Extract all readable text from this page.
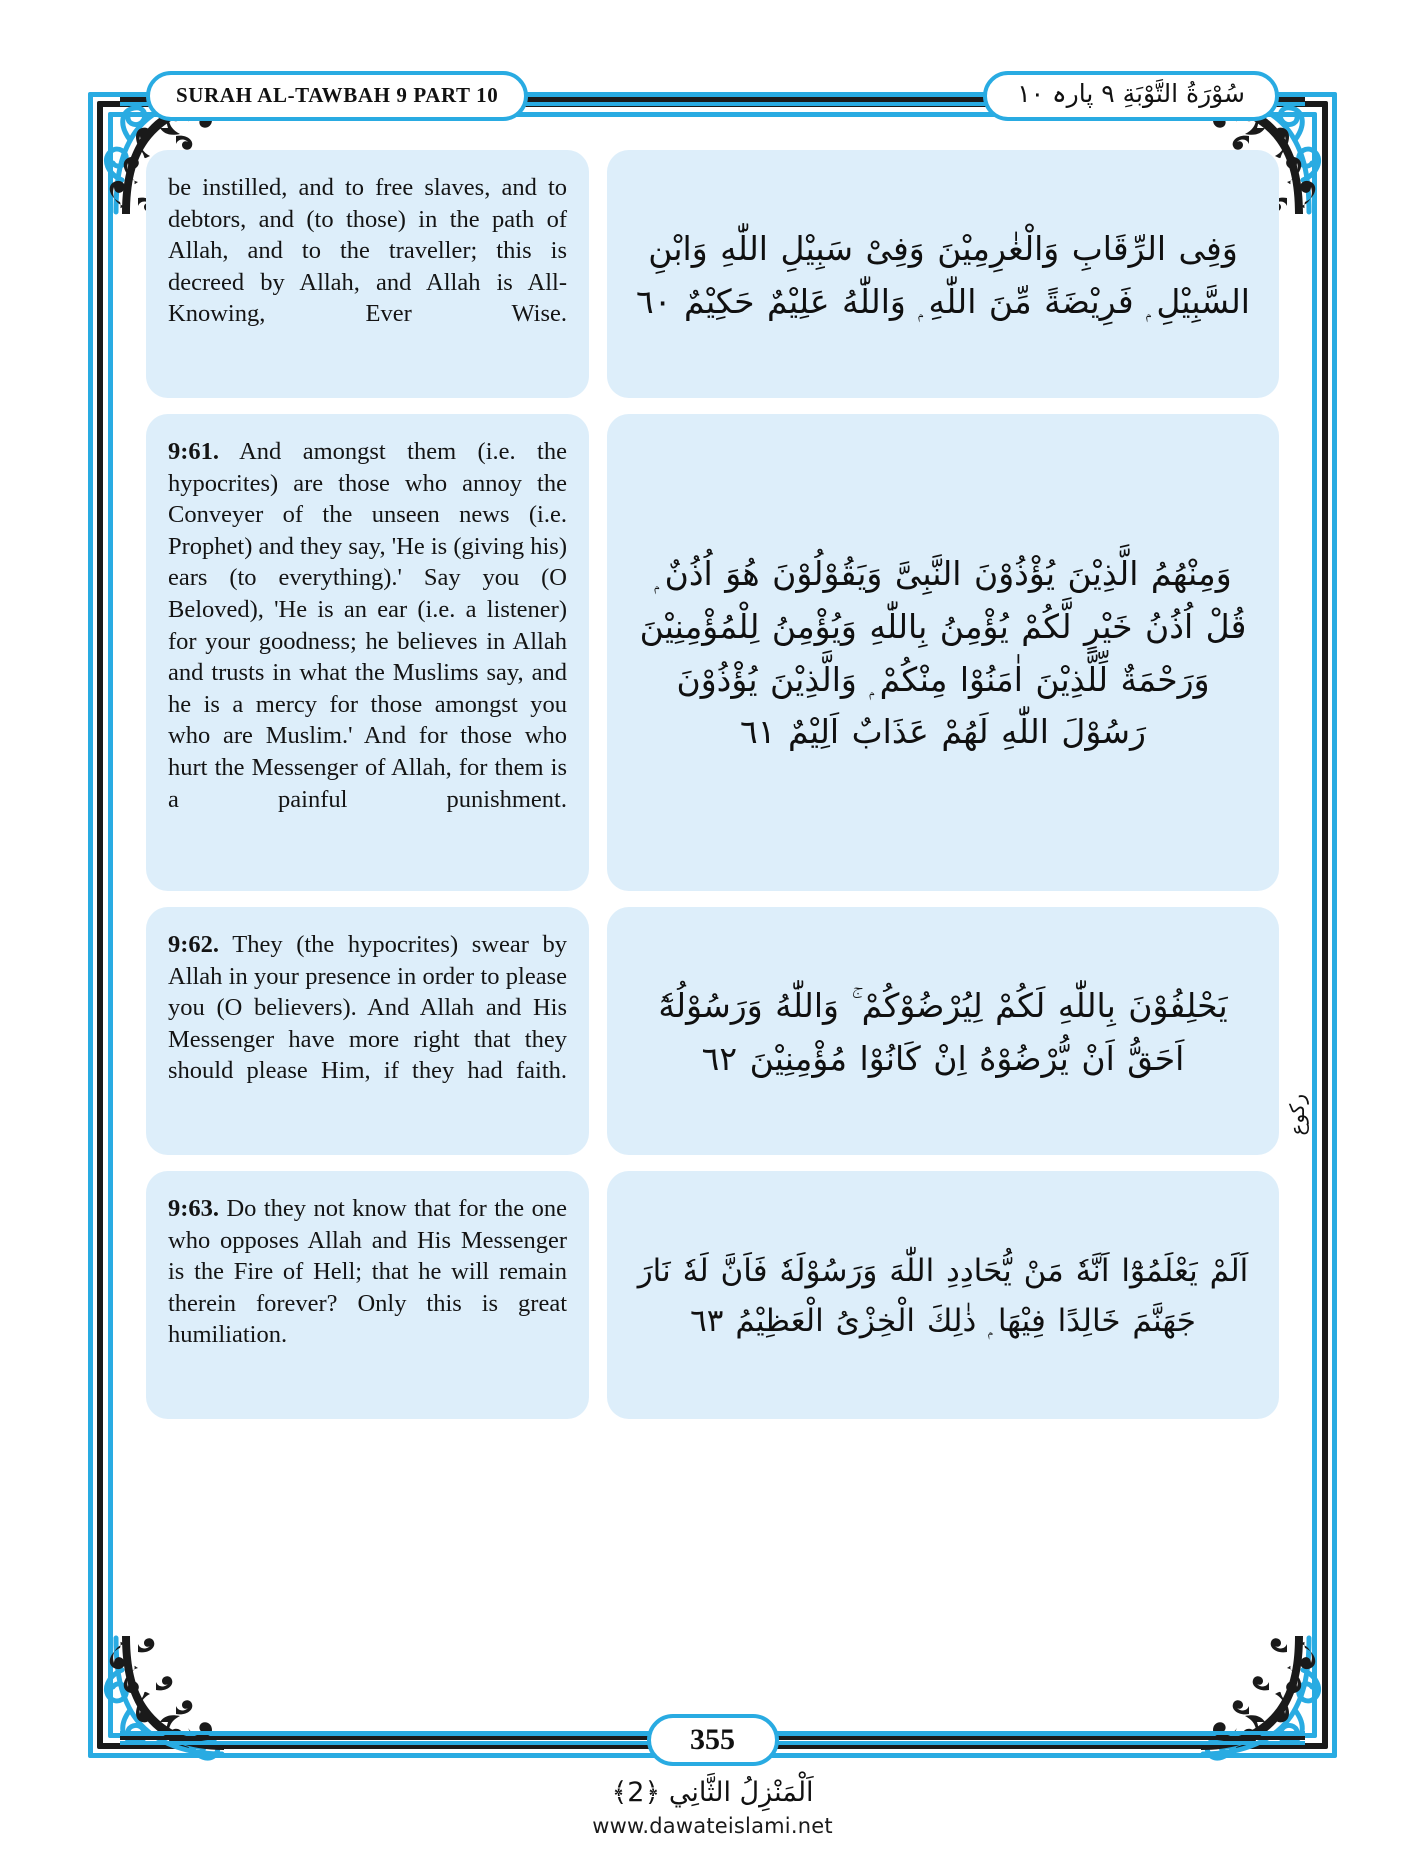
SURAH AL-TAWBAH 9 PART 10	سُوْرَةُ التَّوْبَةِ ٩ پارہ ١٠

be instilled, and to free slaves, and to debtors, and (to those) in the path of Allah, and to the traveller; this is decreed by Allah, and Allah is All-Knowing, Ever Wise.

وَفِى الرِّقَابِ وَالْغٰرِمِيْنَ وَفِىْ سَبِيْلِ اللّٰهِ وَابْنِ السَّبِيْلِ ۭ فَرِيْضَةً مِّنَ اللّٰهِ ۭ وَاللّٰهُ عَلِيْمٌ حَكِيْمٌ ٦٠

9:61. And amongst them (i.e. the hypocrites) are those who annoy the Conveyer of the unseen news (i.e. Prophet) and they say, 'He is (giving his) ears (to everything).' Say you (O Beloved), 'He is an ear (i.e. a listener) for your goodness; he believes in Allah and trusts in what the Muslims say, and he is a mercy for those amongst you who are Muslim.' And for those who hurt the Messenger of Allah, for them is a painful punishment.

وَمِنْهُمُ الَّذِيْنَ يُؤْذُوْنَ النَّبِىَّ وَيَقُوْلُوْنَ هُوَ اُذُنٌ ۭ قُلْ اُذُنُ خَيْرٍ لَّكُمْ يُؤْمِنُ بِاللّٰهِ وَيُؤْمِنُ لِلْمُؤْمِنِيْنَ وَرَحْمَةٌ لِّلَّذِيْنَ اٰمَنُوْا مِنْكُمْ ۭ وَالَّذِيْنَ يُؤْذُوْنَ رَسُوْلَ اللّٰهِ لَهُمْ عَذَابٌ اَلِيْمٌ ٦١

9:62. They (the hypocrites) swear by Allah in your presence in order to please you (O believers). And Allah and His Messenger have more right that they should please Him, if they had faith.

يَحْلِفُوْنَ بِاللّٰهِ لَكُمْ لِيُرْضُوْكُمْ ۚ وَاللّٰهُ وَرَسُوْلُهٗٓ اَحَقُّ اَنْ يُّرْضُوْهُ اِنْ كَانُوْا مُؤْمِنِيْنَ ٦٢

9:63. Do they not know that for the one who opposes Allah and His Messenger is the Fire of Hell; that he will remain therein forever? Only this is great humiliation.

اَلَمْ يَعْلَمُوْٓا اَنَّهٗ مَنْ يُّحَادِدِ اللّٰهَ وَرَسُوْلَهٗ فَاَنَّ لَهٗ نَارَ جَهَنَّمَ خَالِدًا فِيْهَا ۭ ذٰلِكَ الْخِزْىُ الْعَظِيْمُ ٦٣

رکوع
355
اَلْمَنْزِلُ الثَّانِي ﴿2﴾
www.dawateislami.net
